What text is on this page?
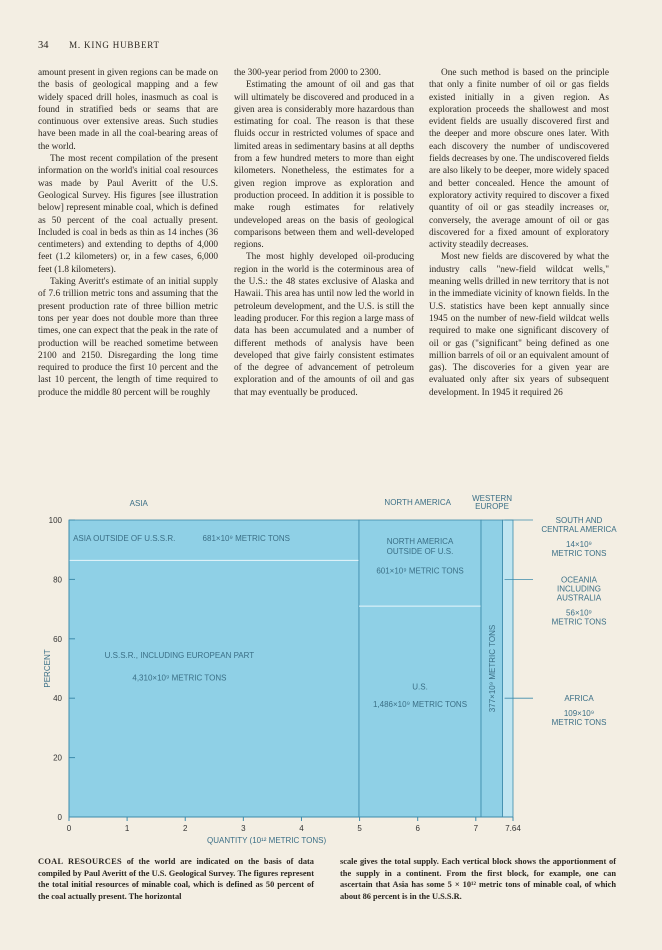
34 M. KING HUBBERT

amount present in given regions can be made on the basis of geological mapping and a few widely spaced drill holes, inasmuch as coal is found in stratified beds or seams that are continuous over extensive areas. Such studies have been made in all the coal-bearing areas of the world.

The most recent compilation of the present information on the world's initial coal resources was made by Paul Averitt of the U.S. Geological Survey. His figures [see illustration below] represent minable coal, which is defined as 50 percent of the coal actually present. Included is coal in beds as thin as 14 inches (36 centimeters) and extending to depths of 4,000 feet (1.2 kilometers) or, in a few cases, 6,000 feet (1.8 kilometers).

Taking Averitt's estimate of an initial supply of 7.6 trillion metric tons and assuming that the present production rate of three billion metric tons per year does not double more than three times, one can expect that the peak in the rate of production will be reached sometime between 2100 and 2150. Disregarding the long time required to produce the first 10 percent and the last 10 percent, the length of time required to produce the middle 80 percent will be roughly

the 300-year period from 2000 to 2300.

Estimating the amount of oil and gas that will ultimately be discovered and produced in a given area is considerably more hazardous than estimating for coal. The reason is that these fluids occur in restricted volumes of space and limited areas in sedimentary basins at all depths from a few hundred meters to more than eight kilometers. Nonetheless, the estimates for a given region improve as exploration and production proceed. In addition it is possible to make rough estimates for relatively undeveloped areas on the basis of geological comparisons between them and well-developed regions.

The most highly developed oil-producing region in the world is the coterminous area of the U.S.: the 48 states exclusive of Alaska and Hawaii. This area has until now led the world in petroleum development, and the U.S. is still the leading producer. For this region a large mass of data has been accumulated and a number of different methods of analysis have been developed that give fairly consistent estimates of the degree of advancement of petroleum exploration and of the amounts of oil and gas that may eventually be produced.

One such method is based on the principle that only a finite number of oil or gas fields existed initially in a given region. As exploration proceeds the shallowest and most evident fields are usually discovered first and the deeper and more obscure ones later. With each discovery the number of undiscovered fields decreases by one. The undiscovered fields are also likely to be deeper, more widely spaced and better concealed. Hence the amount of exploratory activity required to discover a fixed quantity of oil or gas steadily increases or, conversely, the average amount of oil or gas discovered for a fixed amount of exploratory activity steadily decreases.

Most new fields are discovered by what the industry calls "new-field wildcat wells," meaning wells drilled in new territory that is not in the immediate vicinity of known fields. In the U.S. statistics have been kept annually since 1945 on the number of new-field wildcat wells required to make one significant discovery of oil or gas ("significant" being defined as one million barrels of oil or an equivalent amount of gas). The discoveries for a given year are evaluated only after six years of subsequent development. In 1945 it required 26

ASIA	NORTH AMERICA	WESTERN
EUROPE
ASIA OUTSIDE OF U.S.S.R.	681×10⁹ METRIC TONS
U.S.S.R., INCLUDING EUROPEAN PART
4,310×10⁹ METRIC TONS
NORTH AMERICA
OUTSIDE OF U.S.
601×10⁹ METRIC TONS
U.S.
1,486×10⁹ METRIC TONS	377×10⁹ METRIC TONS
0
20
40
60
80
100
PERCENT
0	1	2	3	4	5	6	7	7.64
QUANTITY (10¹² METRIC TONS)
SOUTH AND
CENTRAL AMERICA
14×10⁹
METRIC TONS
OCEANIA
INCLUDING
AUSTRALIA
56×10⁹
METRIC TONS
AFRICA
109×10⁹
METRIC TONS
COAL RESOURCES of the world are indicated on the basis of data compiled by Paul Averitt of the U.S. Geological Survey. The figures represent the total initial resources of minable coal, which is defined as 50 percent of the coal actually present. The horizontal
scale gives the total supply. Each vertical block shows the apportionment of the supply in a continent. From the first block, for example, one can ascertain that Asia has some 5 × 10¹² metric tons of minable coal, of which about 86 percent is in the U.S.S.R.
